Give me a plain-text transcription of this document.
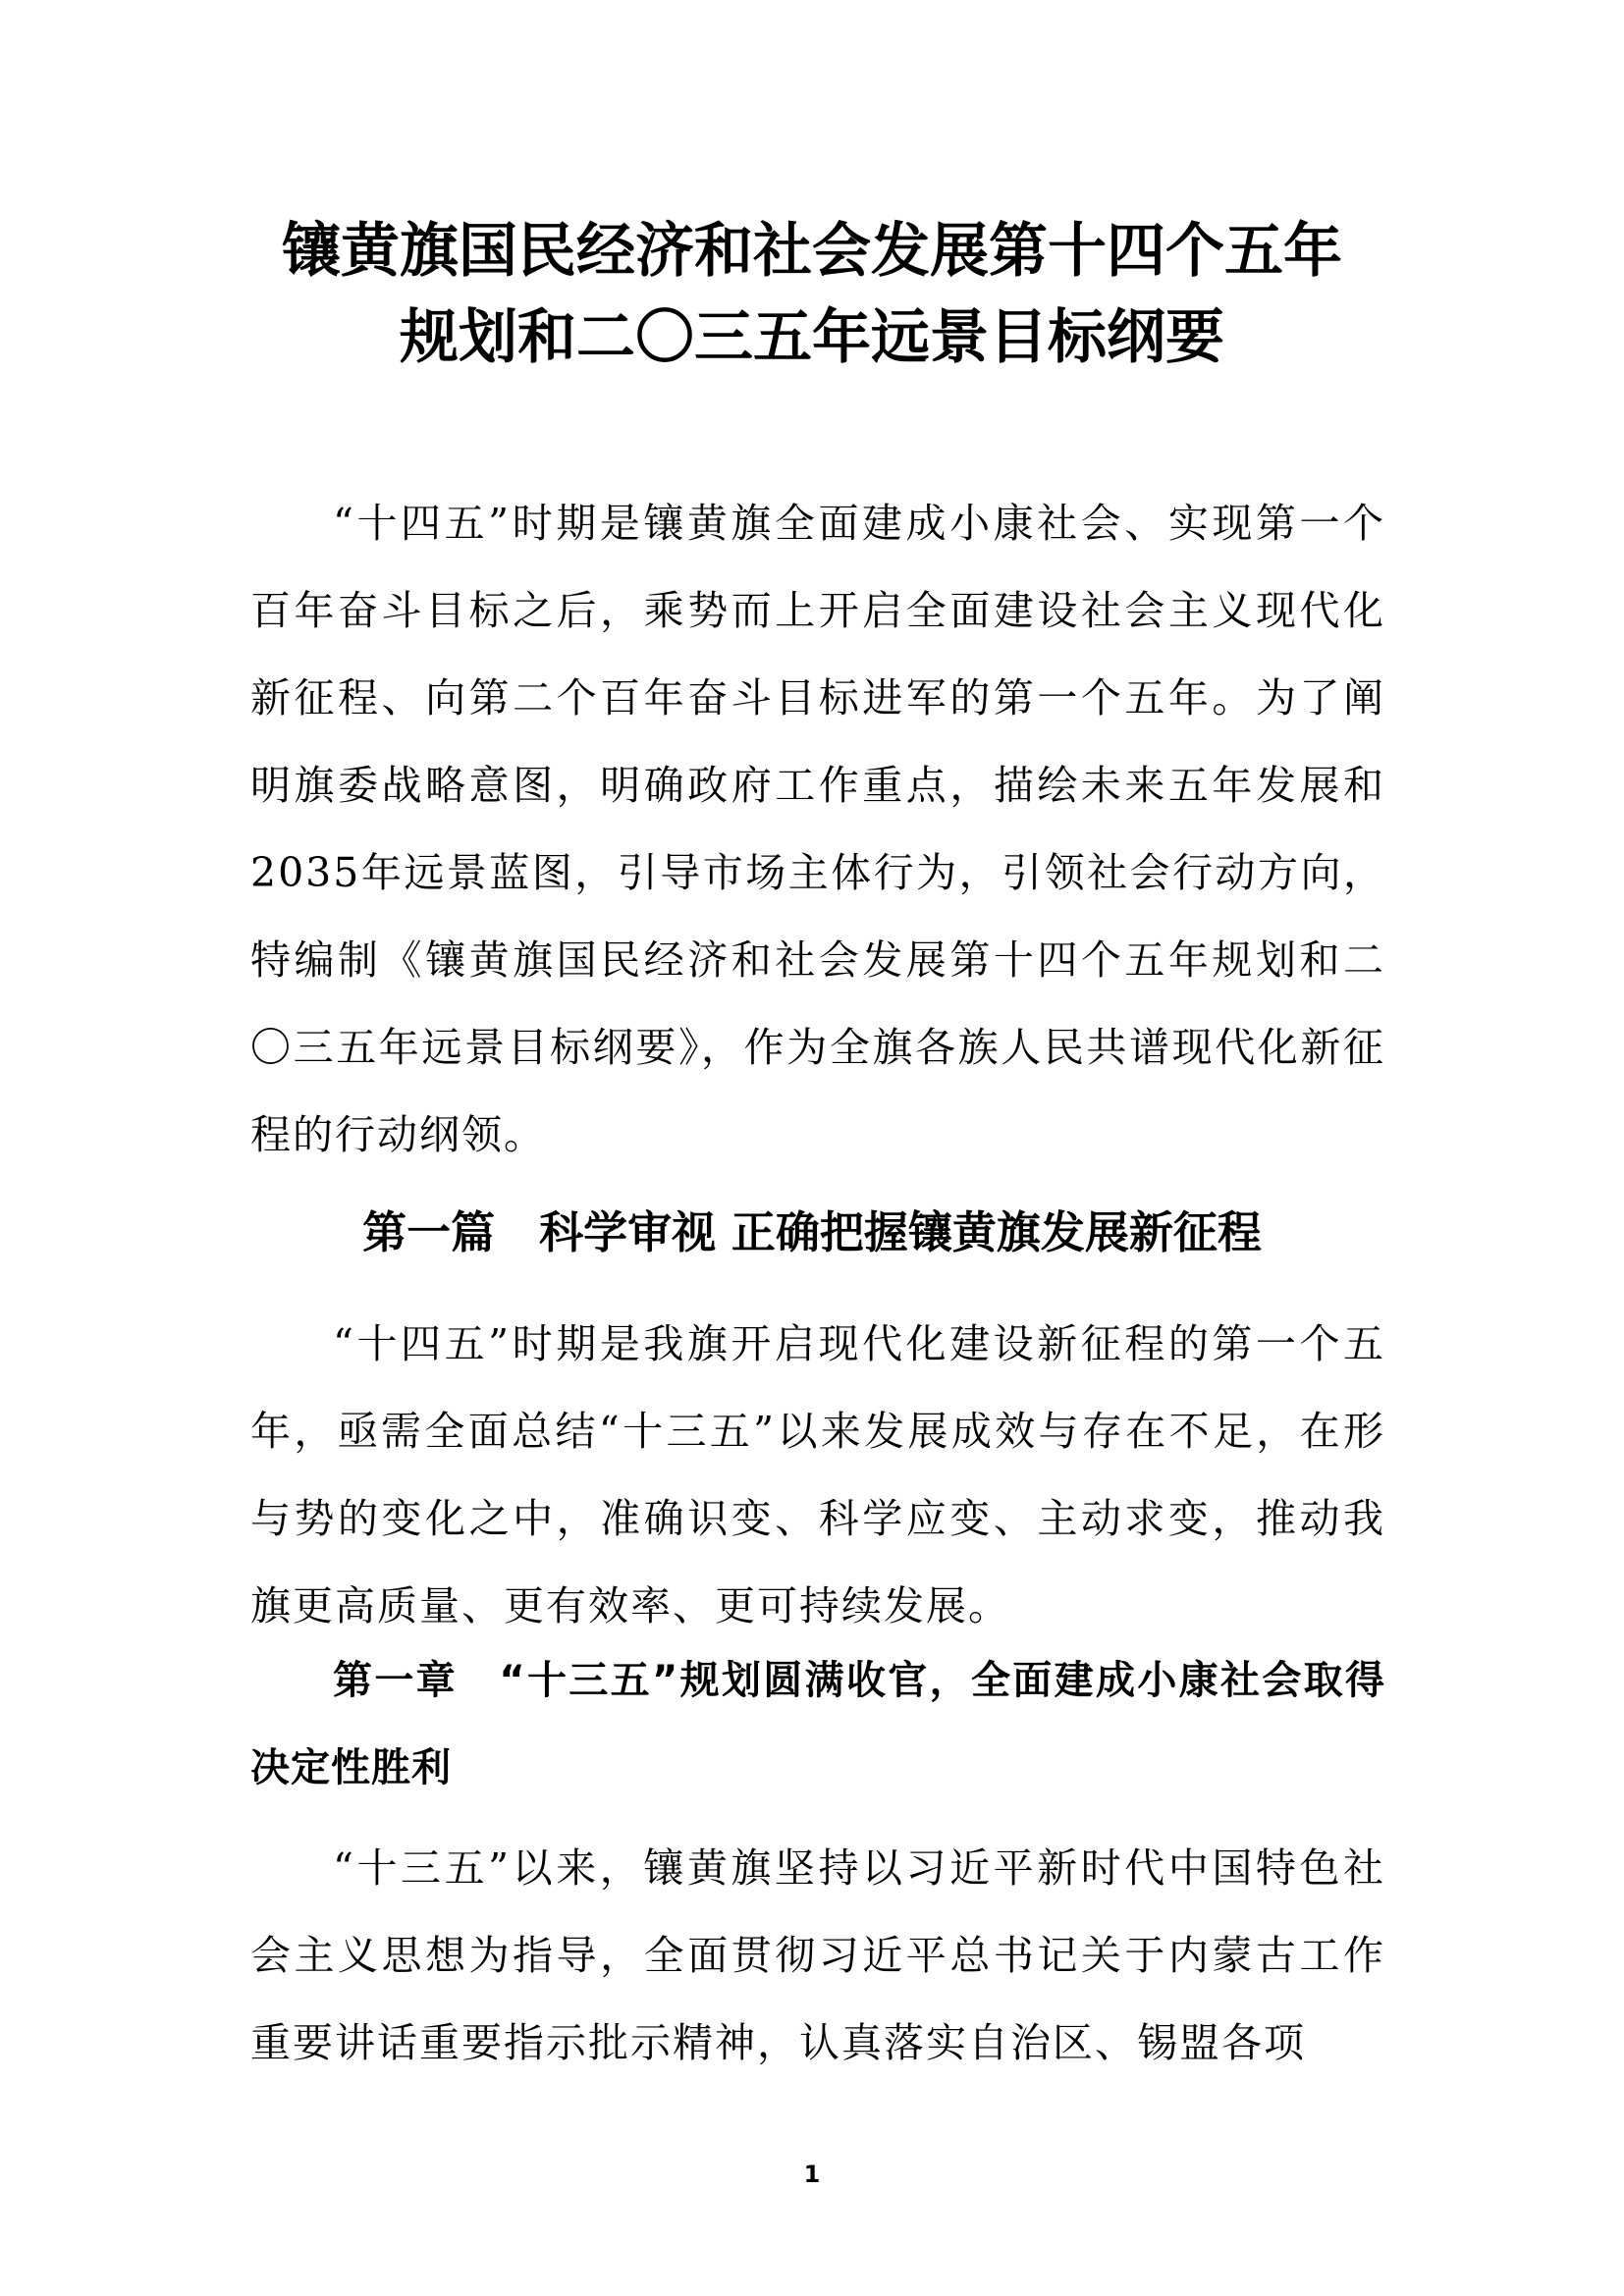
镶黄旗国民经济和社会发展第十四个五年
规划和二〇三五年远景目标纲要

“十四五”时期是镶黄旗全面建成小康社会、实现第一个百年奋斗目标之后，乘势而上开启全面建设社会主义现代化新征程、向第二个百年奋斗目标进军的第一个五年。为了阐明旗委战略意图，明确政府工作重点，描绘未来五年发展和2035年远景蓝图，引导市场主体行为，引领社会行动方向，特编制《镶黄旗国民经济和社会发展第十四个五年规划和二〇三五年远景目标纲要》，作为全旗各族人民共谱现代化新征程的行动纲领。

第一篇　科学审视 正确把握镶黄旗发展新征程

“十四五”时期是我旗开启现代化建设新征程的第一个五年，亟需全面总结“十三五”以来发展成效与存在不足，在形与势的变化之中，准确识变、科学应变、主动求变，推动我旗更高质量、更有效率、更可持续发展。

第一章　“十三五”规划圆满收官，全面建成小康社会取得决定性胜利

“十三五”以来，镶黄旗坚持以习近平新时代中国特色社会主义思想为指导，全面贯彻习近平总书记关于内蒙古工作重要讲话重要指示批示精神，认真落实自治区、锡盟各项

1
